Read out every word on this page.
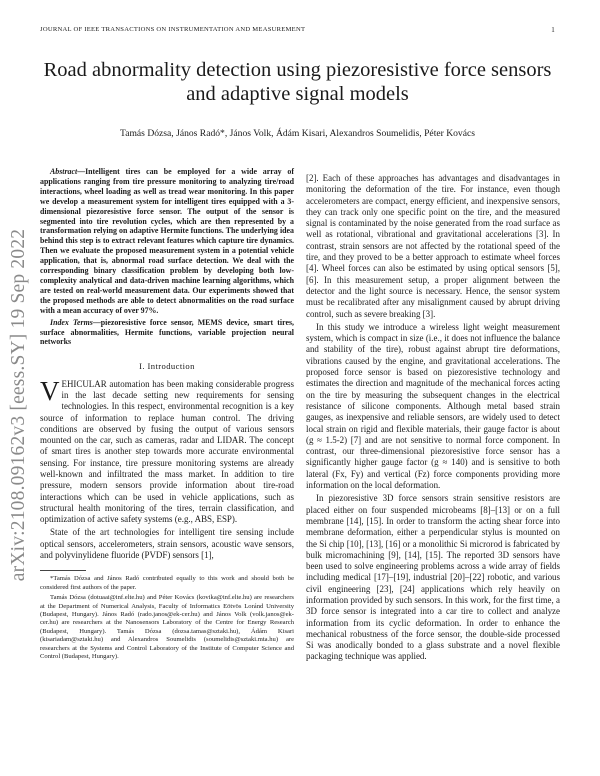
JOURNAL OF IEEE TRANSACTIONS ON INSTRUMENTATION AND MEASUREMENT	1
arXiv:2108.09162v3 [eess.SY] 19 Sep 2022
Road abnormality detection using piezoresistive force sensors and adaptive signal models

Tamás Dózsa, János Radó*, János Volk, Ádám Kisari, Alexandros Soumelidis, Péter Kovács

Abstract—Intelligent tires can be employed for a wide array of applications ranging from tire pressure monitoring to analyzing tire/road interactions, wheel loading as well as tread wear monitoring. In this paper we develop a measurement system for intelligent tires equipped with a 3-dimensional piezoresistive force sensor. The output of the sensor is segmented into tire revolution cycles, which are then represented by a transformation relying on adaptive Hermite functions. The underlying idea behind this step is to extract relevant features which capture tire dynamics. Then we evaluate the proposed measurement system in a potential vehicle application, that is, abnormal road surface detection. We deal with the corresponding binary classification problem by developing both low-complexity analytical and data-driven machine learning algorithms, which are tested on real-world measurement data. Our experiments showed that the proposed methods are able to detect abnormalities on the road surface with a mean accuracy of over 97%.

Index Terms—piezoresistive force sensor, MEMS device, smart tires, surface abnormalities, Hermite functions, variable projection neural networks

I. Introduction

VEHICULAR automation has been making considerable progress in the last decade setting new requirements for sensing technologies. In this respect, environmental recognition is a key source of information to replace human control. The driving conditions are observed by fusing the output of various sensors mounted on the car, such as cameras, radar and LIDAR. The concept of smart tires is another step towards more accurate environmental sensing. For instance, tire pressure monitoring systems are already well-known and infiltrated the mass market. In addition to tire pressure, modern sensors provide information about tire-road interactions which can be used in vehicle applications, such as structural health monitoring of the tires, terrain classification, and optimization of active safety systems (e.g., ABS, ESP).

State of the art technologies for intelligent tire sensing include optical sensors, accelerometers, strain sensors, acoustic wave sensors, and polyvinylidene fluoride (PVDF) sensors [1],

*Tamás Dózsa and János Radó contributed equally to this work and should both be considered first authors of the paper.

Tamás Dózsa (dotuaai@inf.elte.hu) and Péter Kovács (kovika@inf.elte.hu) are researchers at the Department of Numerical Analysis, Faculty of Informatics Eötvös Loránd University (Budapest, Hungary). János Radó (rado.janos@ek-cer.hu) and János Volk (volk.janos@ek-cer.hu) are researchers at the Nanosensors Laboratory of the Centre for Energy Research (Budapest, Hungary). Tamás Dózsa (dozsa.tamas@sztaki.hu), Ádám Kisari (kisariadam@sztaki.hu) and Alexandros Soumelidis (soumelidis@sztaki.mta.hu) are researchers at the Systems and Control Laboratory of the Institute of Computer Science and Control (Budapest, Hungary).

[2]. Each of these approaches has advantages and disadvantages in monitoring the deformation of the tire. For instance, even though accelerometers are compact, energy efficient, and inexpensive sensors, they can track only one specific point on the tire, and the measured signal is contaminated by the noise generated from the road surface as well as rotational, vibrational and gravitational accelerations [3]. In contrast, strain sensors are not affected by the rotational speed of the tire, and they proved to be a better approach to estimate wheel forces [4]. Wheel forces can also be estimated by using optical sensors [5], [6]. In this measurement setup, a proper alignment between the detector and the light source is necessary. Hence, the sensor system must be recalibrated after any misalignment caused by abrupt driving control, such as severe breaking [3].

In this study we introduce a wireless light weight measurement system, which is compact in size (i.e., it does not influence the balance and stability of the tire), robust against abrupt tire deformations, vibrations caused by the engine, and gravitational accelerations. The proposed force sensor is based on piezoresistive technology and estimates the direction and magnitude of the mechanical forces acting on the tire by measuring the subsequent changes in the electrical resistance of silicone components. Although metal based strain gauges, as inexpensive and reliable sensors, are widely used to detect local strain on rigid and flexible materials, their gauge factor is about (g ≈ 1.5-2) [7] and are not sensitive to normal force component. In contrast, our three-dimensional piezoresistive force sensor has a significantly higher gauge factor (g ≈ 140) and is sensitive to both lateral (Fx, Fy) and vertical (Fz) force components providing more information on the local deformation.

In piezoresistive 3D force sensors strain sensitive resistors are placed either on four suspended microbeams [8]–[13] or on a full membrane [14], [15]. In order to transform the acting shear force into membrane deformation, either a perpendicular stylus is mounted on the Si chip [10], [13], [16] or a monolithic Si microrod is fabricated by bulk micromachining [9], [14], [15]. The reported 3D sensors have been used to solve engineering problems across a wide array of fields including medical [17]–[19], industrial [20]–[22] robotic, and various civil engineering [23], [24] applications which rely heavily on information provided by such sensors. In this work, for the first time, a 3D force sensor is integrated into a car tire to collect and analyze information from its cyclic deformation. In order to enhance the mechanical robustness of the force sensor, the double-side processed Si was anodically bonded to a glass substrate and a novel flexible packaging technique was applied.
